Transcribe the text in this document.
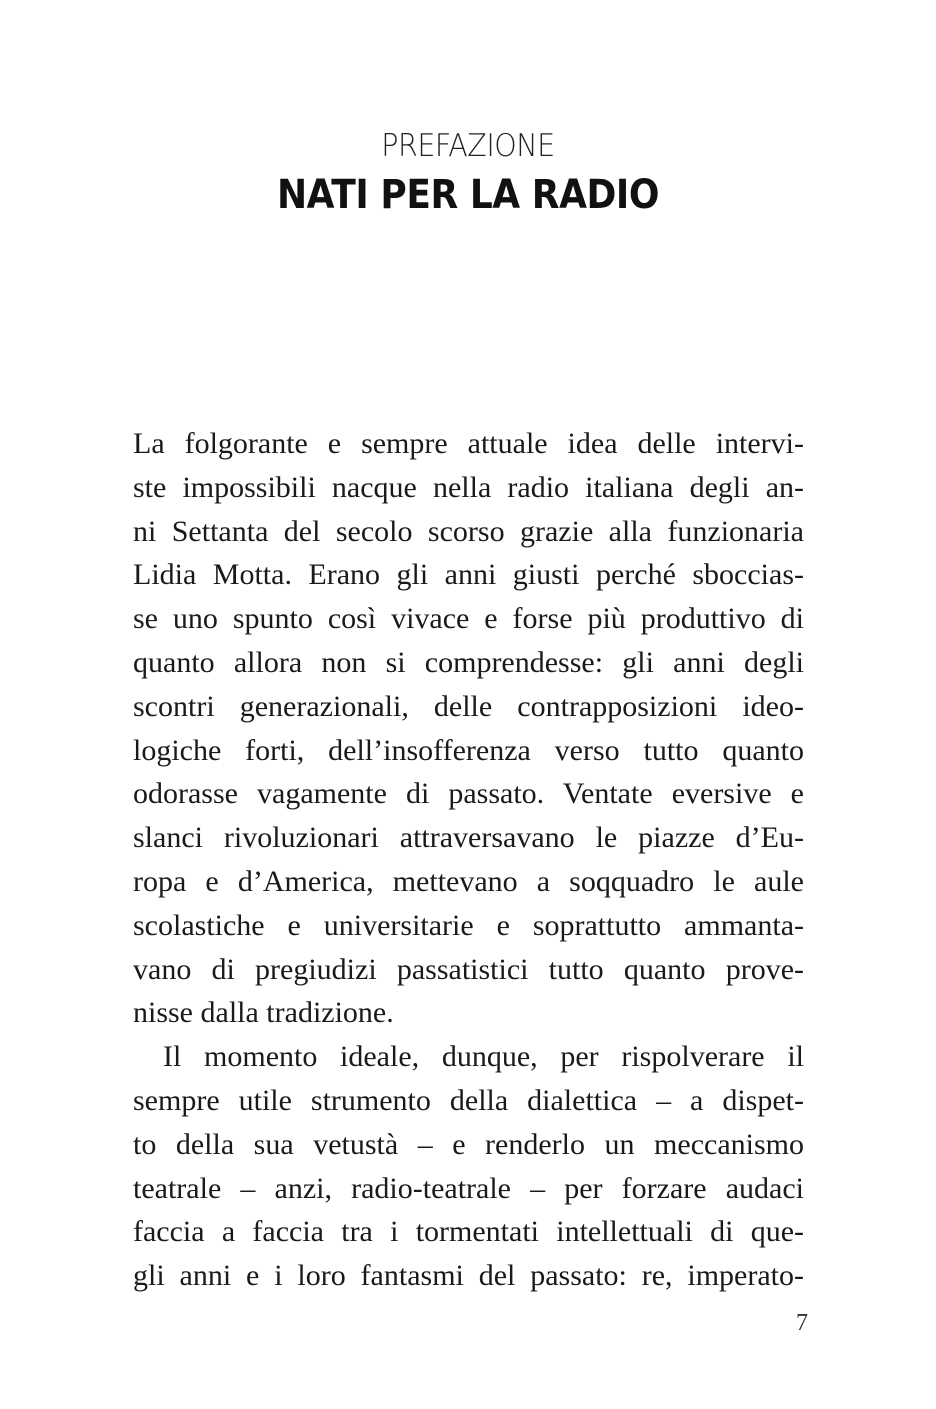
PREFAZIONE
NATI PER LA RADIO
La folgorante e sempre attuale idea delle intervi-
ste impossibili nacque nella radio italiana degli an-
ni Settanta del secolo scorso grazie alla funzionaria
Lidia Motta. Erano gli anni giusti perché sboccias-
se uno spunto così vivace e forse più produttivo di
quanto allora non si comprendesse: gli anni degli
scontri generazionali, delle contrapposizioni ideo-
logiche forti, dell’insofferenza verso tutto quanto
odorasse vagamente di passato. Ventate eversive e
slanci rivoluzionari attraversavano le piazze d’Eu-
ropa e d’America, mettevano a soqquadro le aule
scolastiche e universitarie e soprattutto ammanta-
vano di pregiudizi passatistici tutto quanto prove-
nisse dalla tradizione.
Il momento ideale, dunque, per rispolverare il
sempre utile strumento della dialettica – a dispet-
to della sua vetustà – e renderlo un meccanismo
teatrale – anzi, radio-teatrale – per forzare audaci
faccia a faccia tra i tormentati intellettuali di que-
gli anni e i loro fantasmi del passato: re, imperato-
7
